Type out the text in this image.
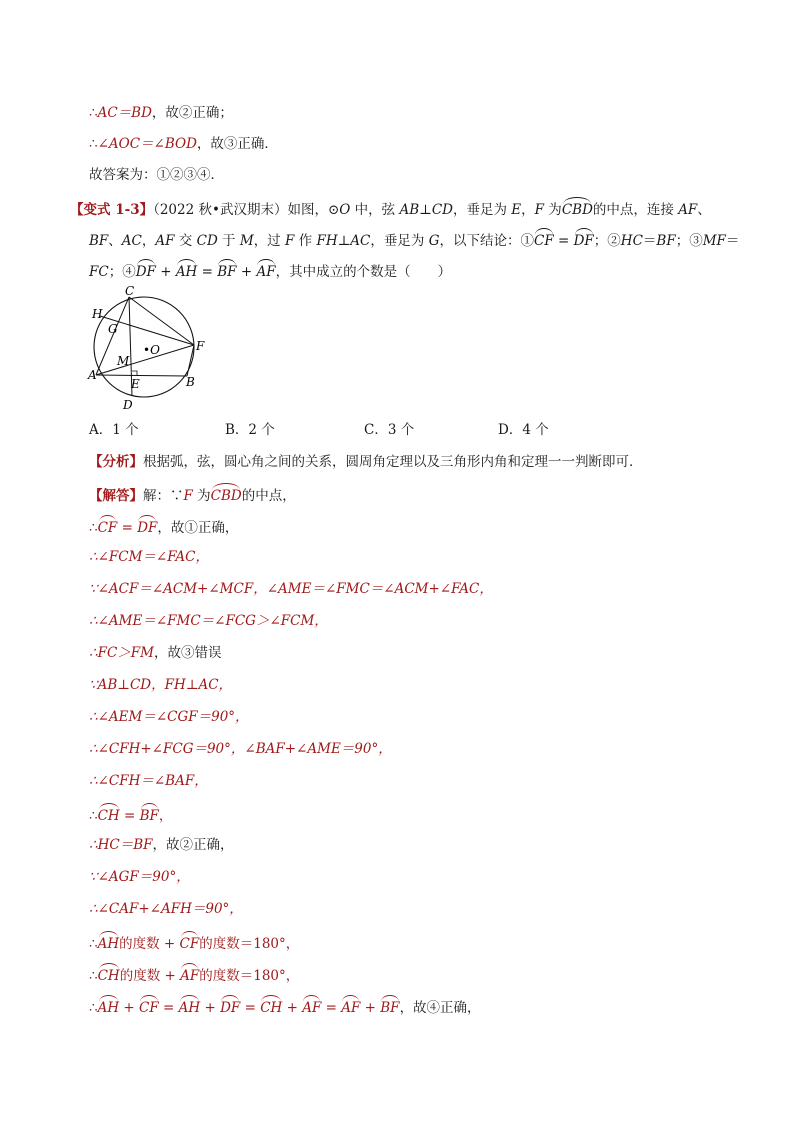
∴AC＝BD，故②正确；
∴∠AOC＝∠BOD，故③正确．
故答案为：①②③④．
【变式 1-3】（2022 秋•武汉期末）如图，⊙O 中，弦 AB⊥CD，垂足为 E，F 为CBD的中点，连接 AF、
BF、AC，AF 交 CD 于 M，过 F 作 FH⊥AC，垂足为 G，以下结论：①CF = DF；②HC＝BF；③MF＝
FC；④DF + AH = BF + AF，其中成立的个数是（　　）
C
H
G
F
•O
M
A
E	B
D
A．1 个	B．2 个	C．3 个	D．4 个
【分析】根据弧，弦，圆心角之间的关系，圆周角定理以及三角形内角和定理一一判断即可．
【解答】解：∵F 为CBD的中点，
∴CF = DF，故①正确，
∴∠FCM＝∠FAC，
∵∠ACF＝∠ACM+∠MCF，∠AME＝∠FMC＝∠ACM+∠FAC，
∴∠AME＝∠FMC＝∠FCG＞∠FCM，
∴FC＞FM，故③错误
∵AB⊥CD，FH⊥AC，
∴∠AEM＝∠CGF＝90°，
∴∠CFH+∠FCG＝90°，∠BAF+∠AME＝90°，
∴∠CFH＝∠BAF，
∴CH = BF，
∴HC＝BF，故②正确，
∵∠AGF＝90°，
∴∠CAF+∠AFH＝90°，
∴AH的度数 + CF的度数＝180°，
∴CH的度数 + AF的度数＝180°，
∴AH + CF = AH + DF = CH + AF = AF + BF，故④正确，
